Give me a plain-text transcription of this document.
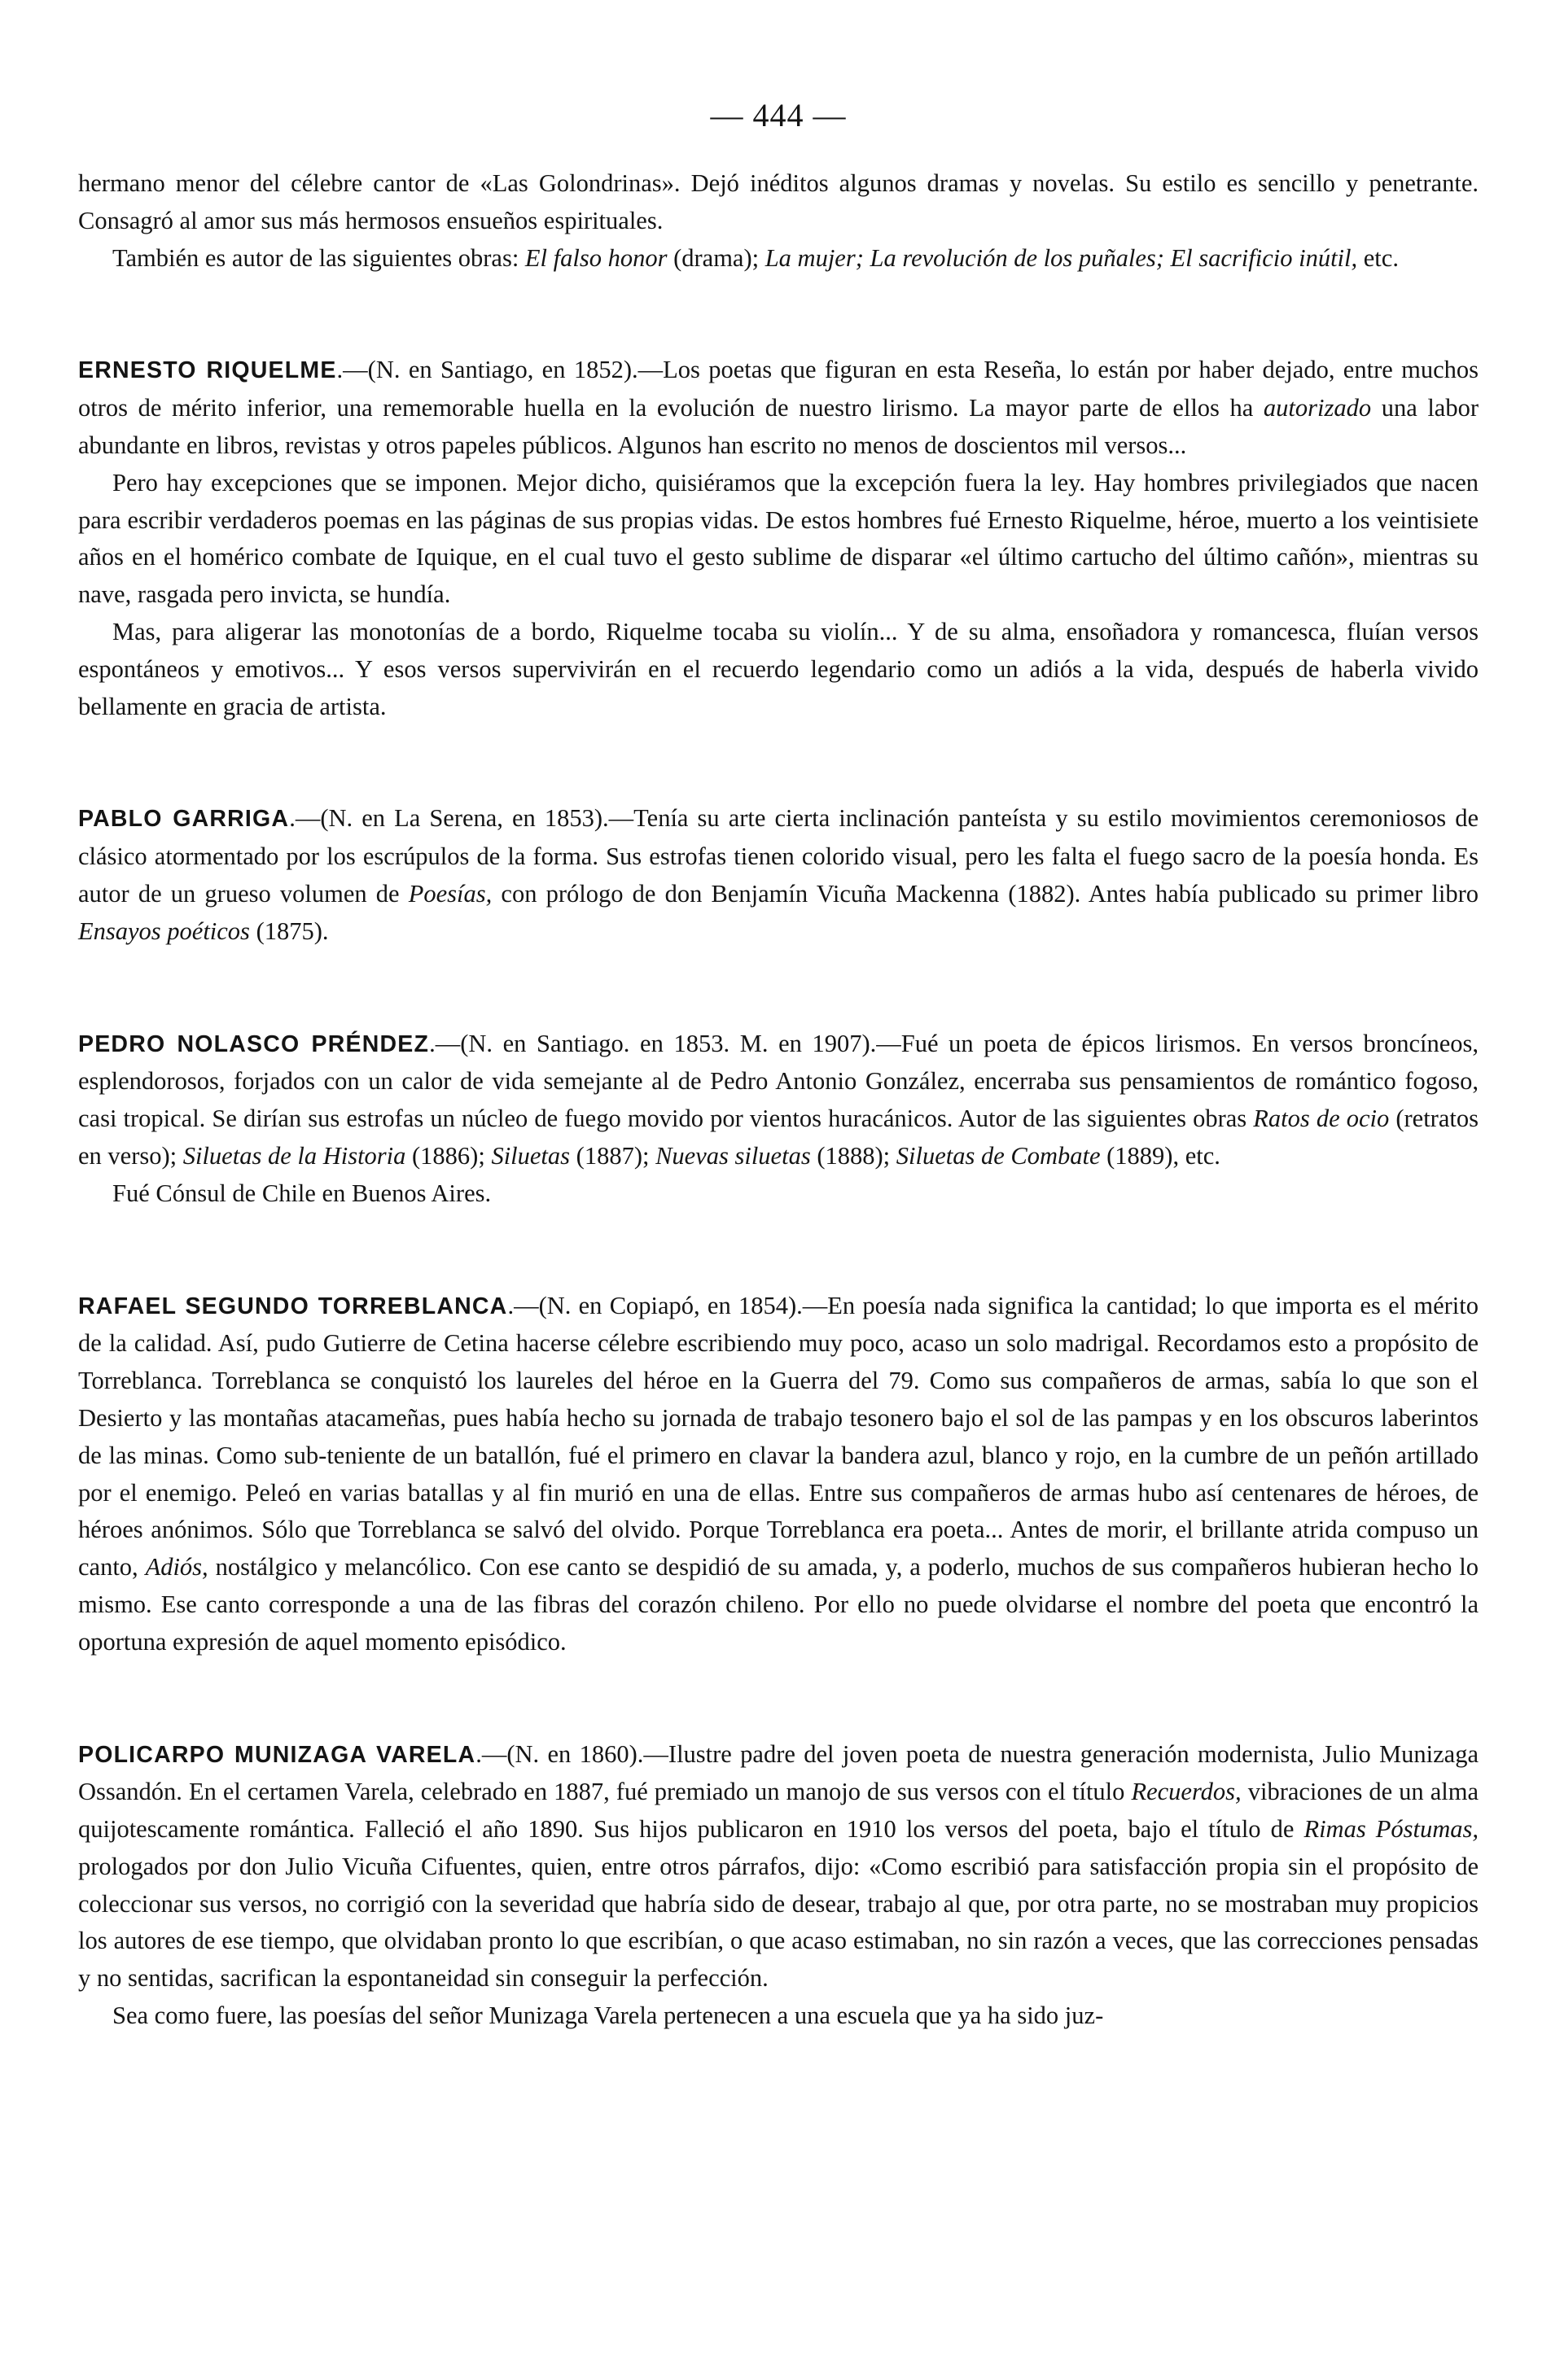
— 444 —

hermano menor del célebre cantor de «Las Golondrinas». Dejó inéditos algunos dramas y novelas. Su estilo es sencillo y penetrante. Consagró al amor sus más hermosos ensueños espirituales.

También es autor de las siguientes obras: El falso honor (drama); La mujer; La revolución de los puñales; El sacrificio inútil, etc.

ERNESTO RIQUELME.—(N. en Santiago, en 1852).—Los poetas que figuran en esta Reseña, lo están por haber dejado, entre muchos otros de mérito inferior, una rememorable huella en la evolución de nuestro lirismo. La mayor parte de ellos ha autorizado una labor abundante en libros, revistas y otros papeles públicos. Algunos han escrito no menos de doscientos mil versos...

Pero hay excepciones que se imponen. Mejor dicho, quisiéramos que la excepción fuera la ley. Hay hombres privilegiados que nacen para escribir verdaderos poemas en las páginas de sus propias vidas. De estos hombres fué Ernesto Riquelme, héroe, muerto a los veintisiete años en el homérico combate de Iquique, en el cual tuvo el gesto sublime de disparar «el último cartucho del último cañón», mientras su nave, rasgada pero invicta, se hundía.

Mas, para aligerar las monotonías de a bordo, Riquelme tocaba su violín... Y de su alma, ensoñadora y romancesca, fluían versos espontáneos y emotivos... Y esos versos supervivirán en el recuerdo legendario como un adiós a la vida, después de haberla vivido bellamente en gracia de artista.

PABLO GARRIGA.—(N. en La Serena, en 1853).—Tenía su arte cierta inclinación panteísta y su estilo movimientos ceremoniosos de clásico atormentado por los escrúpulos de la forma. Sus estrofas tienen colorido visual, pero les falta el fuego sacro de la poesía honda. Es autor de un grueso volumen de Poesías, con prólogo de don Benjamín Vicuña Mackenna (1882). Antes había publicado su primer libro Ensayos poéticos (1875).

PEDRO NOLASCO PRÉNDEZ.—(N. en Santiago. en 1853. M. en 1907).—Fué un poeta de épicos lirismos. En versos broncíneos, esplendorosos, forjados con un calor de vida semejante al de Pedro Antonio González, encerraba sus pensamientos de romántico fogoso, casi tropical. Se dirían sus estrofas un núcleo de fuego movido por vientos huracánicos. Autor de las siguientes obras Ratos de ocio (retratos en verso); Siluetas de la Historia (1886); Siluetas (1887); Nuevas siluetas (1888); Siluetas de Combate (1889), etc.

Fué Cónsul de Chile en Buenos Aires.

RAFAEL SEGUNDO TORREBLANCA.—(N. en Copiapó, en 1854).—En poesía nada significa la cantidad; lo que importa es el mérito de la calidad. Así, pudo Gutierre de Cetina hacerse célebre escribiendo muy poco, acaso un solo madrigal. Recordamos esto a propósito de Torreblanca. Torreblanca se conquistó los laureles del héroe en la Guerra del 79. Como sus compañeros de armas, sabía lo que son el Desierto y las montañas atacameñas, pues había hecho su jornada de trabajo tesonero bajo el sol de las pampas y en los obscuros laberintos de las minas. Como sub-teniente de un batallón, fué el primero en clavar la bandera azul, blanco y rojo, en la cumbre de un peñón artillado por el enemigo. Peleó en varias batallas y al fin murió en una de ellas. Entre sus compañeros de armas hubo así centenares de héroes, de héroes anónimos. Sólo que Torreblanca se salvó del olvido. Porque Torreblanca era poeta... Antes de morir, el brillante atrida compuso un canto, Adiós, nostálgico y melancólico. Con ese canto se despidió de su amada, y, a poderlo, muchos de sus compañeros hubieran hecho lo mismo. Ese canto corresponde a una de las fibras del corazón chileno. Por ello no puede olvidarse el nombre del poeta que encontró la oportuna expresión de aquel momento episódico.

POLICARPO MUNIZAGA VARELA.—(N. en 1860).—Ilustre padre del joven poeta de nuestra generación modernista, Julio Munizaga Ossandón. En el certamen Varela, celebrado en 1887, fué premiado un manojo de sus versos con el título Recuerdos, vibraciones de un alma quijotescamente romántica. Falleció el año 1890. Sus hijos publicaron en 1910 los versos del poeta, bajo el título de Rimas Póstumas, prologados por don Julio Vicuña Cifuentes, quien, entre otros párrafos, dijo: «Como escribió para satisfacción propia sin el propósito de coleccionar sus versos, no corrigió con la severidad que habría sido de desear, trabajo al que, por otra parte, no se mostraban muy propicios los autores de ese tiempo, que olvidaban pronto lo que escribían, o que acaso estimaban, no sin razón a veces, que las correcciones pensadas y no sentidas, sacrifican la espontaneidad sin conseguir la perfección.

Sea como fuere, las poesías del señor Munizaga Varela pertenecen a una escuela que ya ha sido juz-
